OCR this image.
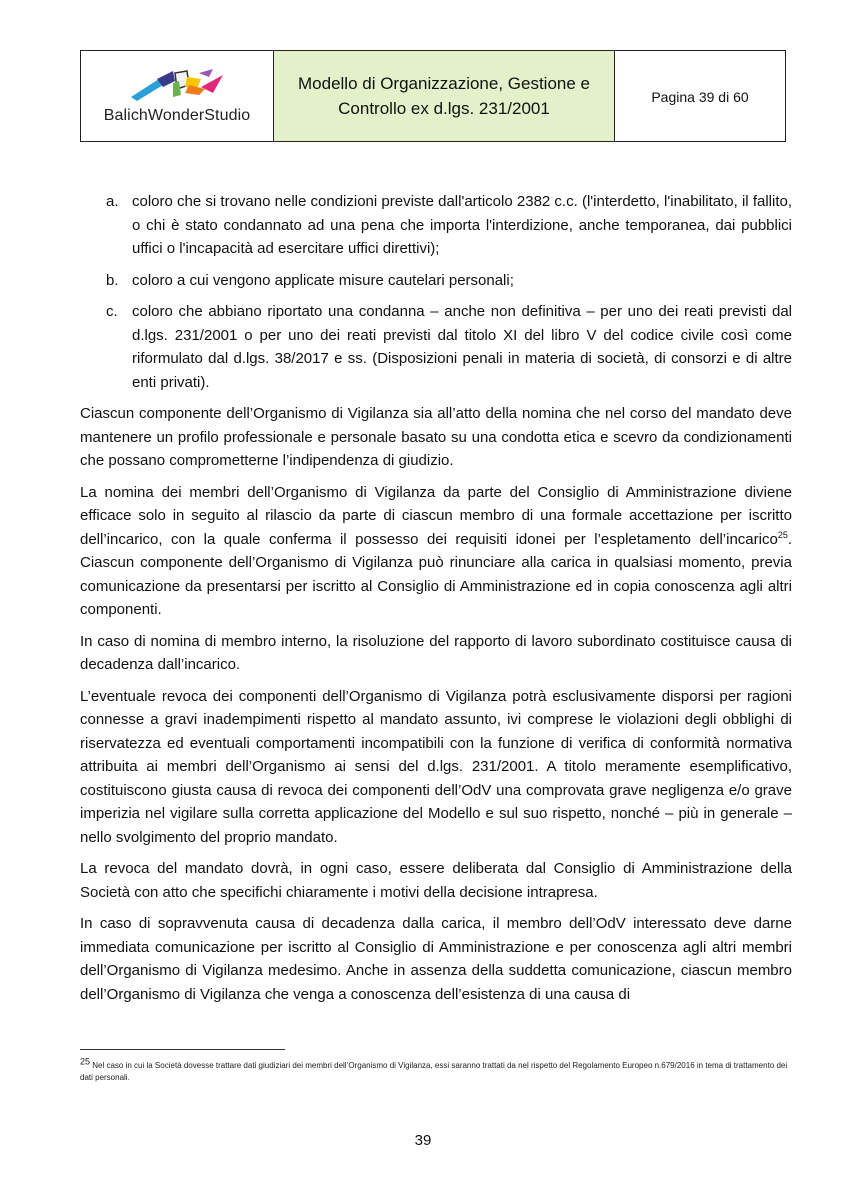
BalichWonderStudio
Modello di Organizzazione, Gestione e Controllo ex d.lgs. 231/2001
Pagina 39 di 60
a. coloro che si trovano nelle condizioni previste dall'articolo 2382 c.c. (l'interdetto, l'inabilitato, il fallito, o chi è stato condannato ad una pena che importa l'interdizione, anche temporanea, dai pubblici uffici o l'incapacità ad esercitare uffici direttivi);
b. coloro a cui vengono applicate misure cautelari personali;
c. coloro che abbiano riportato una condanna – anche non definitiva – per uno dei reati previsti dal d.lgs. 231/2001 o per uno dei reati previsti dal titolo XI del libro V del codice civile così come riformulato dal d.lgs. 38/2017 e ss. (Disposizioni penali in materia di società, di consorzi e di altre enti privati).

Ciascun componente dell’Organismo di Vigilanza sia all’atto della nomina che nel corso del mandato deve mantenere un profilo professionale e personale basato su una condotta etica e scevro da condizionamenti che possano comprometterne l’indipendenza di giudizio.

La nomina dei membri dell’Organismo di Vigilanza da parte del Consiglio di Amministrazione diviene efficace solo in seguito al rilascio da parte di ciascun membro di una formale accettazione per iscritto dell’incarico, con la quale conferma il possesso dei requisiti idonei per l’espletamento dell’incarico$^{25}$. Ciascun componente dell’Organismo di Vigilanza può rinunciare alla carica in qualsiasi momento, previa comunicazione da presentarsi per iscritto al Consiglio di Amministrazione ed in copia conoscenza agli altri componenti.

In caso di nomina di membro interno, la risoluzione del rapporto di lavoro subordinato costituisce causa di decadenza dall’incarico.

L’eventuale revoca dei componenti dell’Organismo di Vigilanza potrà esclusivamente disporsi per ragioni connesse a gravi inadempimenti rispetto al mandato assunto, ivi comprese le violazioni degli obblighi di riservatezza ed eventuali comportamenti incompatibili con la funzione di verifica di conformità normativa attribuita ai membri dell’Organismo ai sensi del d.lgs. 231/2001. A titolo meramente esemplificativo, costituiscono giusta causa di revoca dei componenti dell’OdV una comprovata grave negligenza e/o grave imperizia nel vigilare sulla corretta applicazione del Modello e sul suo rispetto, nonché – più in generale – nello svolgimento del proprio mandato.

La revoca del mandato dovrà, in ogni caso, essere deliberata dal Consiglio di Amministrazione della Società con atto che specifichi chiaramente i motivi della decisione intrapresa.

In caso di sopravvenuta causa di decadenza dalla carica, il membro dell’OdV interessato deve darne immediata comunicazione per iscritto al Consiglio di Amministrazione e per conoscenza agli altri membri dell’Organismo di Vigilanza medesimo. Anche in assenza della suddetta comunicazione, ciascun membro dell’Organismo di Vigilanza che venga a conoscenza dell’esistenza di una causa di

$^{25}$ Nel caso in cui la Società dovesse trattare dati giudiziari dei membri dell’Organismo di Vigilanza, essi saranno trattati da nel rispetto del Regolamento Europeo n.679/2016 in tema di trattamento dei dati personali.
39
